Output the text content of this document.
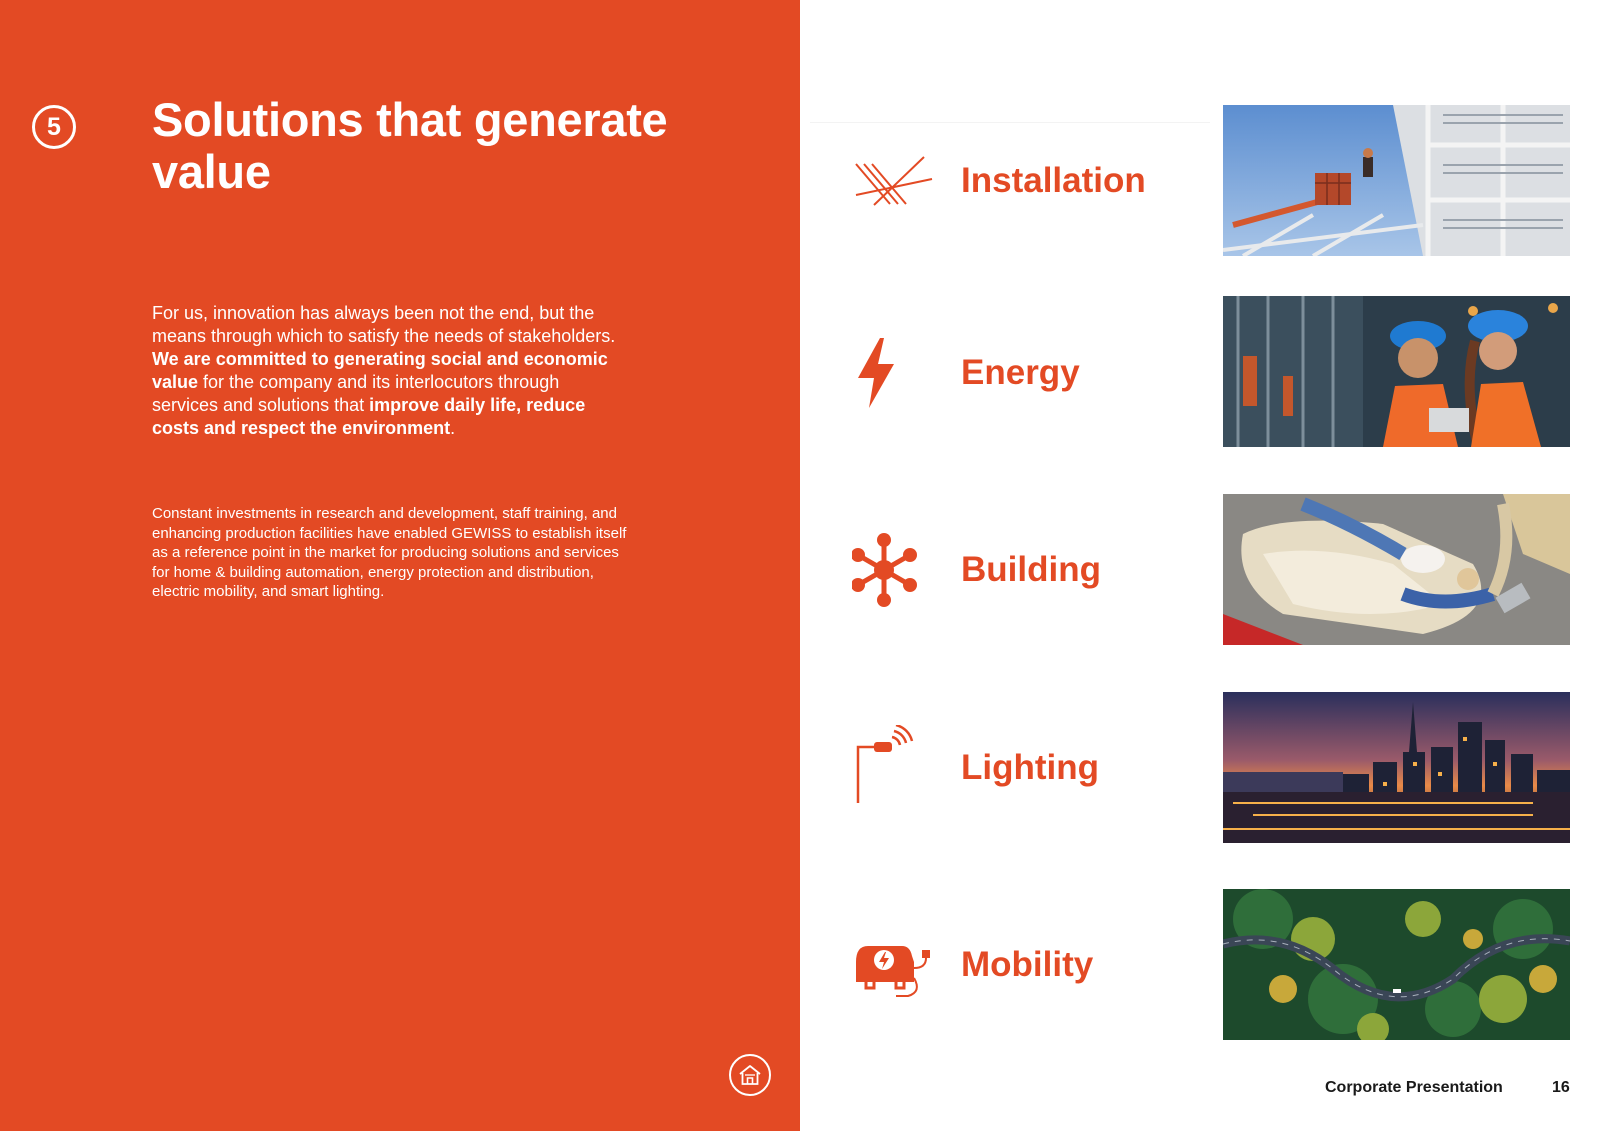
5 Solutions that generate value

For us, innovation has always been not the end, but the means through which to satisfy the needs of stakeholders. We are committed to generating social and economic value for the company and its interlocutors through services and solutions that improve daily life, reduce costs and respect the environment.

Constant investments in research and development, staff training, and enhancing production facilities have enabled GEWISS to establish itself as a reference point in the market for producing solutions and services for home & building automation, energy protection and distribution, electric mobility, and smart lighting.

Installation
Energy
Building
Lighting
Mobility
Corporate Presentation	16
